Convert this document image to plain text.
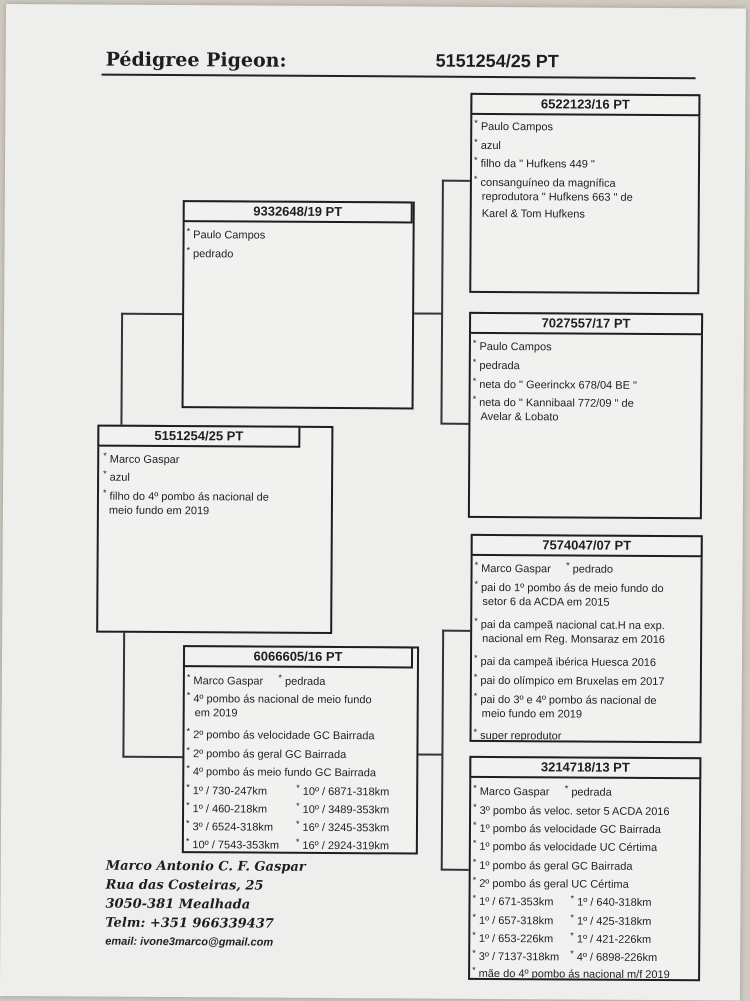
Pédigree Pigeon:	5151254/25 PT
5151254/25 PT
* Marco Gaspar
* azul
* filho do 4º pombo ás nacional de
meio fundo em 2019
9332648/19 PT
* Paulo Campos
* pedrado
6066605/16 PT
* Marco Gaspar * pedrada
* 4º pombo ás nacional de meio fundo
em 2019
* 2º pombo ás velocidade GC Bairrada
* 2º pombo ás geral GC Bairrada
* 4º pombo ás meio fundo GC Bairrada
* 1º / 730-247km	* 10º / 6871-318km
* 1º / 460-218km	* 10º / 3489-353km
* 3º / 6524-318km	* 16º / 3245-353km
* 10º / 7543-353km * 16º / 2924-319km
6522123/16 PT
* Paulo Campos
* azul
* filho da " Hufkens 449 "
* consanguíneo da magnífica
reprodutora " Hufkens 663 " de
Karel & Tom Hufkens
7027557/17 PT
* Paulo Campos
* pedrada
* neta do " Geerinckx 678/04 BE "
* neta do " Kannibaal 772/09 " de
Avelar & Lobato
7574047/07 PT
* Marco Gaspar * pedrado
* pai do 1º pombo ás de meio fundo do
setor 6 da ACDA em 2015
* pai da campeã nacional cat.H na exp.
nacional em Reg. Monsaraz em 2016
* pai da campeã ibérica Huesca 2016
* pai do olímpico em Bruxelas em 2017
* pai do 3º e 4º pombo ás nacional de
meio fundo em 2019
* super reprodutor
3214718/13 PT
* Marco Gaspar * pedrada
* 3º pombo ás veloc. setor 5 ACDA 2016
* 1º pombo ás velocidade GC Bairrada
* 1º pombo ás velocidade UC Cértima
* 1º pombo ás geral GC Bairrada
* 2º pombo ás geral UC Cértima
* 1º / 671-353km * 1º / 640-318km
* 1º / 657-318km * 1º / 425-318km
* 1º / 653-226km * 1º / 421-226km
* 3º / 7137-318km * 4º / 6898-226km
* mãe do 4º pombo ás nacional m/f 2019
Marco Antonio C. F. Gaspar
Rua das Costeiras, 25
3050-381 Mealhada
Telm: +351 966339437
email: ivone3marco@gmail.com
